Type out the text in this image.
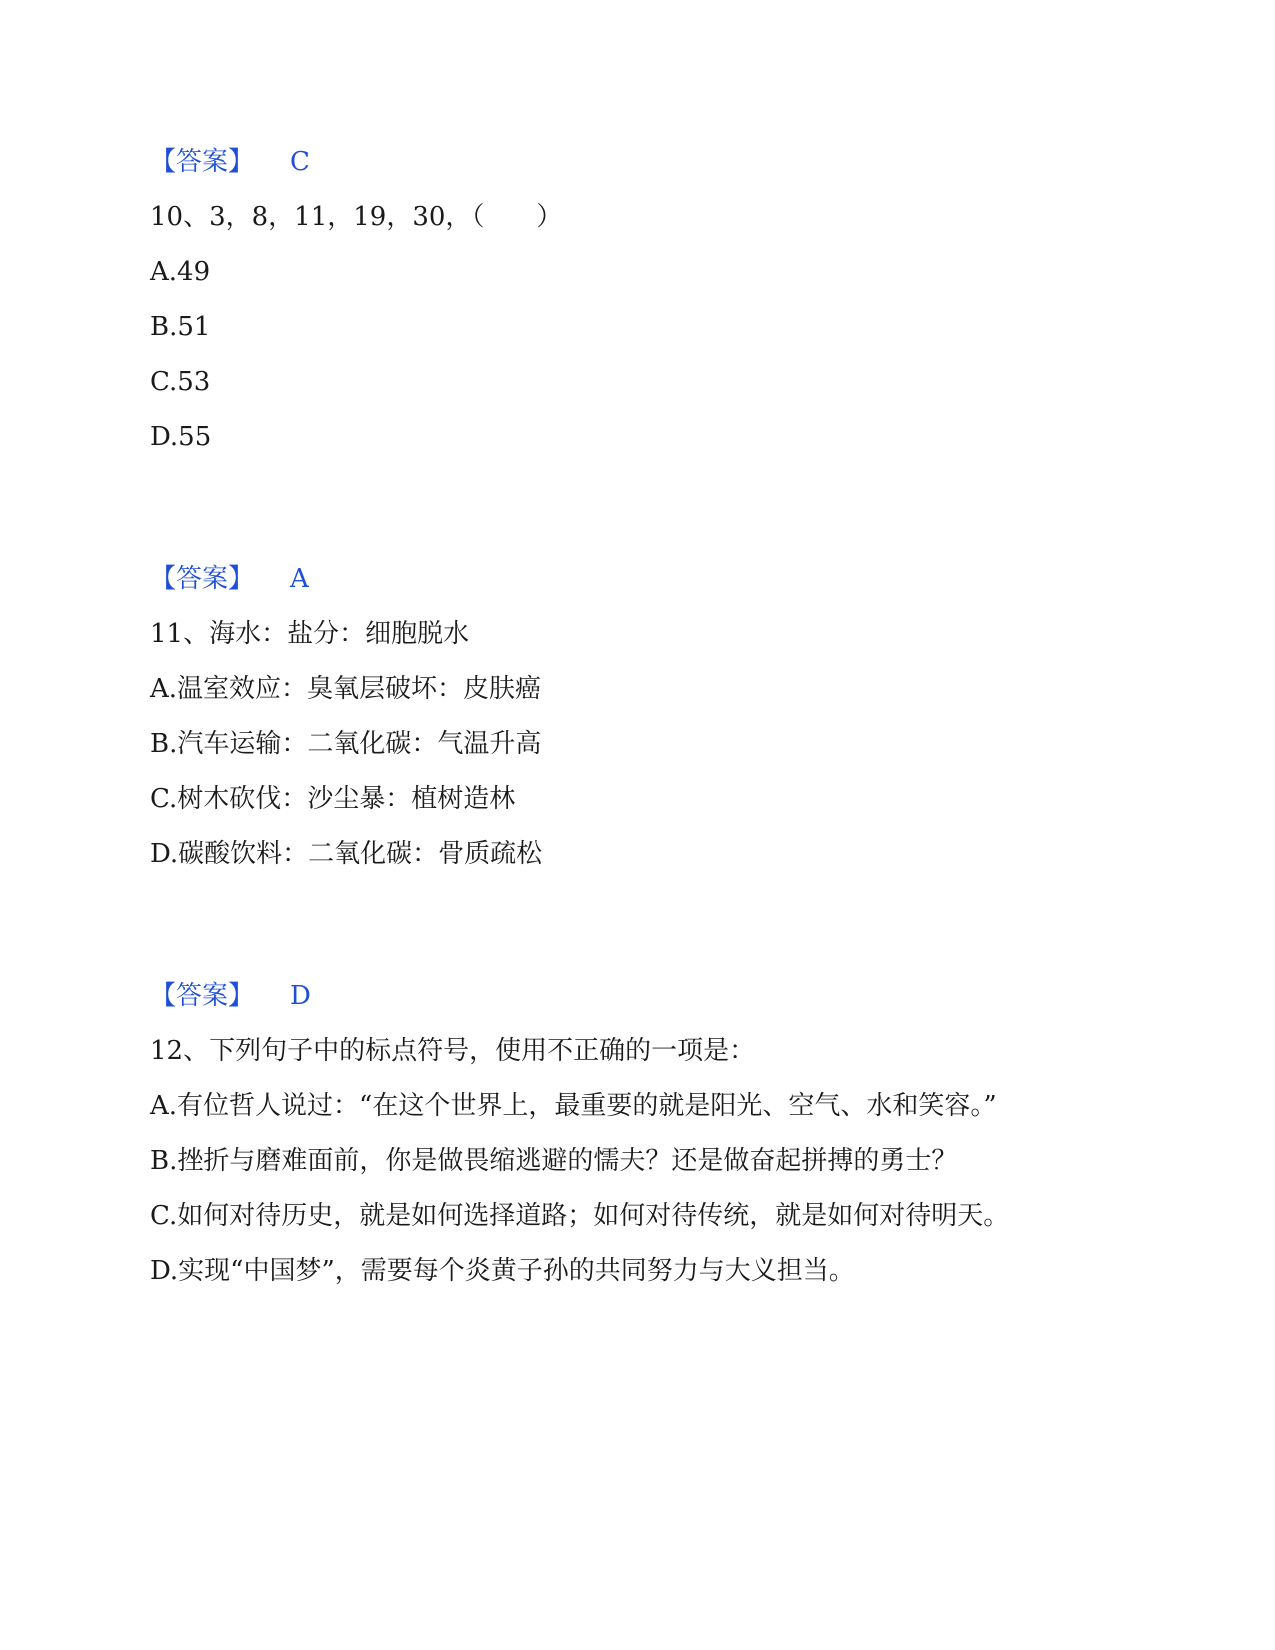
【答案】 C
10、3，8，11，19，30，（　　）
A.49
B.51
C.53
D.55
【答案】 A
11、海水：盐分：细胞脱水
A.温室效应：臭氧层破坏：皮肤癌
B.汽车运输：二氧化碳：气温升高
C.树木砍伐：沙尘暴：植树造林
D.碳酸饮料：二氧化碳：骨质疏松
【答案】 D
12、下列句子中的标点符号，使用不正确的一项是：
A.有位哲人说过：“在这个世界上，最重要的就是阳光、空气、水和笑容。”
B.挫折与磨难面前，你是做畏缩逃避的懦夫？还是做奋起拼搏的勇士？
C.如何对待历史，就是如何选择道路；如何对待传统，就是如何对待明天。
D.实现“中国梦”，需要每个炎黄子孙的共同努力与大义担当。
